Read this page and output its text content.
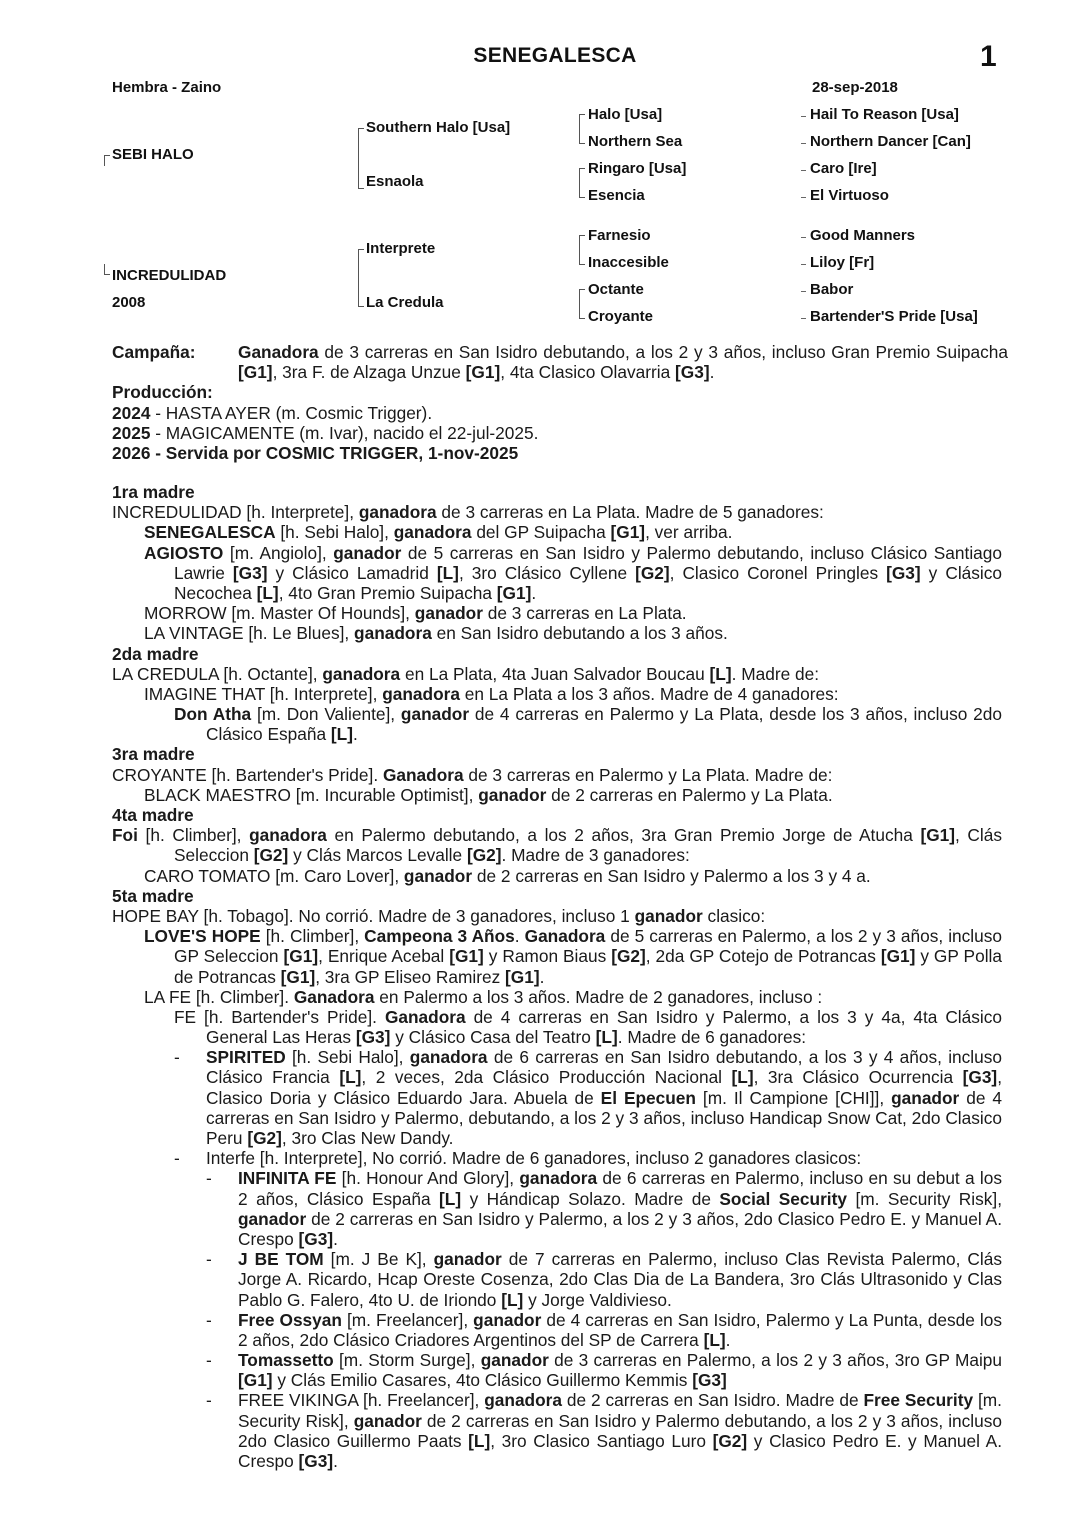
SENEGALESCA	1
Hembra - Zaino	28-sep-2018
SEBI HALO
INCREDULIDAD
2008
Southern Halo [Usa]
Esnaola
Interprete
La Credula
Halo [Usa]
Northern Sea
Ringaro [Usa]
Esencia
Farnesio
Inaccesible
Octante
Croyante
Hail To Reason [Usa]
Northern Dancer [Can]
Caro [Ire]
El Virtuoso
Good Manners
Liloy [Fr]
Babor
Bartender'S Pride [Usa]
Campaña:	Ganadora de 3 carreras en San Isidro debutando, a los 2 y 3 años, incluso Gran Premio Suipacha [G1], 3ra F. de Alzaga Unzue [G1], 4ta Clasico Olavarria [G3].

Producción:

2024 - HASTA AYER (m. Cosmic Trigger).

2025 - MAGICAMENTE (m. Ivar), nacido el 22-jul-2025.

2026 - Servida por COSMIC TRIGGER, 1-nov-2025

1ra madre

INCREDULIDAD [h. Interprete], ganadora de 3 carreras en La Plata. Madre de 5 ganadores:

SENEGALESCA [h. Sebi Halo], ganadora del GP Suipacha [G1], ver arriba.

AGIOSTO [m. Angiolo], ganador de 5 carreras en San Isidro y Palermo debutando, incluso Clásico Santiago Lawrie [G3] y Clásico Lamadrid [L], 3ro Clásico Cyllene [G2], Clasico Coronel Pringles [G3] y Clásico Necochea [L], 4to Gran Premio Suipacha [G1].

MORROW [m. Master Of Hounds], ganador de 3 carreras en La Plata.

LA VINTAGE [h. Le Blues], ganadora en San Isidro debutando a los 3 años.

2da madre

LA CREDULA [h. Octante], ganadora en La Plata, 4ta Juan Salvador Boucau [L]. Madre de:

IMAGINE THAT [h. Interprete], ganadora en La Plata a los 3 años. Madre de 4 ganadores:

Don Atha [m. Don Valiente], ganador de 4 carreras en Palermo y La Plata, desde los 3 años, incluso 2do Clásico España [L].

3ra madre

CROYANTE [h. Bartender's Pride]. Ganadora de 3 carreras en Palermo y La Plata. Madre de:

BLACK MAESTRO [m. Incurable Optimist], ganador de 2 carreras en Palermo y La Plata.

4ta madre

Foi [h. Climber], ganadora en Palermo debutando, a los 2 años, 3ra Gran Premio Jorge de Atucha [G1], Clás Seleccion [G2] y Clás Marcos Levalle [G2]. Madre de 3 ganadores:

CARO TOMATO [m. Caro Lover], ganador de 2 carreras en San Isidro y Palermo a los 3 y 4 a.

5ta madre

HOPE BAY [h. Tobago]. No corrió. Madre de 3 ganadores, incluso 1 ganador clasico:

LOVE'S HOPE [h. Climber], Campeona 3 Años. Ganadora de 5 carreras en Palermo, a los 2 y 3 años, incluso GP Seleccion [G1], Enrique Acebal [G1] y Ramon Biaus [G2], 2da GP Cotejo de Potrancas [G1] y GP Polla de Potrancas [G1], 3ra GP Eliseo Ramirez [G1].

LA FE [h. Climber]. Ganadora en Palermo a los 3 años. Madre de 2 ganadores, incluso :

FE [h. Bartender's Pride]. Ganadora de 4 carreras en San Isidro y Palermo, a los 3 y 4a, 4ta Clásico General Las Heras [G3] y Clásico Casa del Teatro [L]. Madre de 6 ganadores:

- SPIRITED [h. Sebi Halo], ganadora de 6 carreras en San Isidro debutando, a los 3 y 4 años, incluso Clásico Francia [L], 2 veces, 2da Clásico Producción Nacional [L], 3ra Clásico Ocurrencia [G3], Clasico Doria y Clásico Eduardo Jara. Abuela de El Epecuen [m. Il Campione [CHI]], ganador de 4 carreras en San Isidro y Palermo, debutando, a los 2 y 3 años, incluso Handicap Snow Cat, 2do Clasico Peru [G2], 3ro Clas New Dandy.

- Interfe [h. Interprete], No corrió. Madre de 6 ganadores, incluso 2 ganadores clasicos:

- INFINITA FE [h. Honour And Glory], ganadora de 6 carreras en Palermo, incluso en su debut a los 2 años, Clásico España [L] y Hándicap Solazo. Madre de Social Security [m. Security Risk], ganador de 2 carreras en San Isidro y Palermo, a los 2 y 3 años, 2do Clasico Pedro E. y Manuel A. Crespo [G3].

- J BE TOM [m. J Be K], ganador de 7 carreras en Palermo, incluso Clas Revista Palermo, Clás Jorge A. Ricardo, Hcap Oreste Cosenza, 2do Clas Dia de La Bandera, 3ro Clás Ultrasonido y Clas Pablo G. Falero, 4to U. de Iriondo [L] y Jorge Valdivieso.

- Free Ossyan [m. Freelancer], ganador de 4 carreras en San Isidro, Palermo y La Punta, desde los 2 años, 2do Clásico Criadores Argentinos del SP de Carrera [L].

- Tomassetto [m. Storm Surge], ganador de 3 carreras en Palermo, a los 2 y 3 años, 3ro GP Maipu [G1] y Clás Emilio Casares, 4to Clásico Guillermo Kemmis [G3]

- FREE VIKINGA [h. Freelancer], ganadora de 2 carreras en San Isidro. Madre de Free Security [m. Security Risk], ganador de 2 carreras en San Isidro y Palermo debutando, a los 2 y 3 años, incluso 2do Clasico Guillermo Paats [L], 3ro Clasico Santiago Luro [G2] y Clasico Pedro E. y Manuel A. Crespo [G3].
